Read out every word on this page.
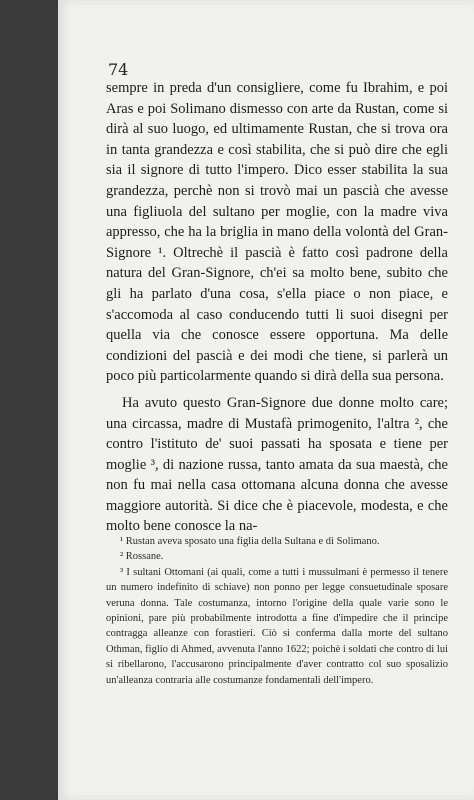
74

sempre in preda d'un consigliere, come fu Ibrahim, e poi Aras e poi Solimano dismesso con arte da Rustan, come si dirà al suo luogo, ed ultimamente Rustan, che si trova ora in tanta grandezza e così stabilita, che si può dire che egli sia il signore di tutto l'impero. Dico esser stabilita la sua grandezza, perchè non si trovò mai un pascià che avesse una figliuola del sultano per moglie, con la madre viva appresso, che ha la briglia in mano della volontà del Gran-Signore ¹. Oltrechè il pascià è fatto così padrone della natura del Gran-Signore, ch'ei sa molto bene, subito che gli ha parlato d'una cosa, s'ella piace o non piace, e s'accomoda al caso conducendo tutti li suoi disegni per quella via che conosce essere opportuna. Ma delle condizioni del pascià e dei modi che tiene, si parlerà un poco più particolarmente quando si dirà della sua persona.

Ha avuto questo Gran-Signore due donne molto care; una circassa, madre di Mustafà primogenito, l'altra ², che contro l'istituto de' suoi passati ha sposata e tiene per moglie ³, di nazione russa, tanto amata da sua maestà, che non fu mai nella casa ottomana alcuna donna che avesse maggiore autorità. Si dice che è piacevole, modesta, e che molto bene conosce la na-

¹ Rustan aveva sposato una figlia della Sultana e di Solimano.

² Rossane.

³ I sultani Ottomani (ai quali, come a tutti i mussulmani è permesso il tenere un numero indefinito di schiave) non ponno per legge consuetudinale sposare veruna donna. Tale costumanza, intorno l'origine della quale varie sono le opinioni, pare più probabilmente introdotta a fine d'impedire che il principe contragga alleanze con forastieri. Ciò si conferma dalla morte del sultano Othman, figlio di Ahmed, avvenuta l'anno 1622; poichè i soldati che contro di lui si ribellarono, l'accusarono principalmente d'aver contratto col suo sposalizio un'alleanza contraria alle costumanze fondamentali dell'impero.
